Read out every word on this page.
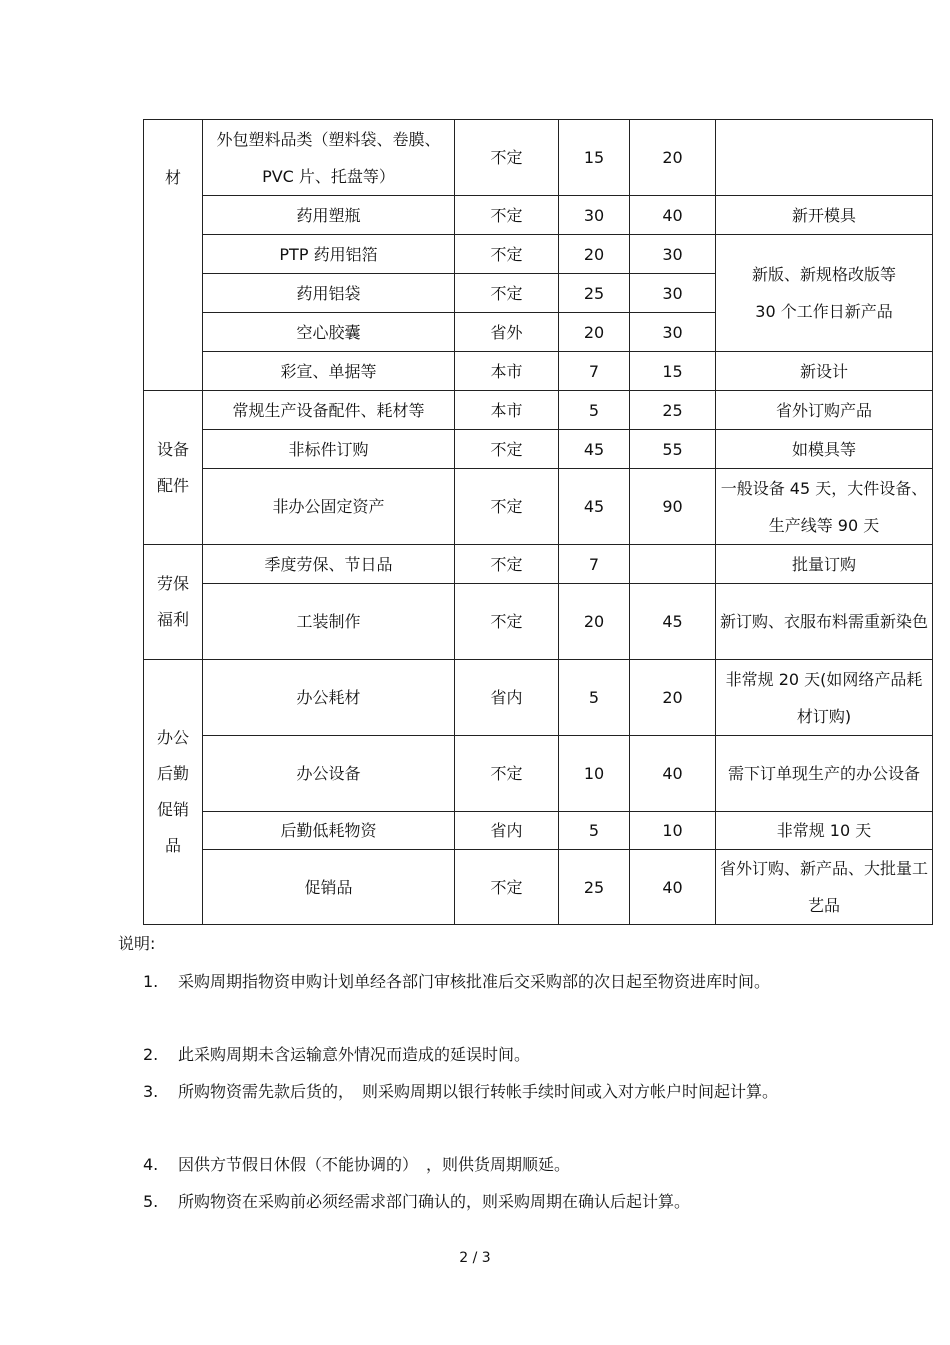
材	外包塑料品类（塑料袋、卷膜、PVC 片、托盘等）	不定	15	20	
	药用塑瓶	不定	30	40	新开模具
	PTP 药用铝箔	不定	20	30	新版、新规格改版等 30 个工作日新产品
	药用铝袋	不定	25	30	
	空心胶囊	省外	20	30	
	彩宣、单据等	本市	7	15	新设计
设备配件	常规生产设备配件、耗材等	本市	5	25	省外订购产品
	非标件订购	不定	45	55	如模具等
	非办公固定资产	不定	45	90	一般设备 45 天，大件设备、生产线等 90 天
劳保福利	季度劳保、节日品	不定	7		批量订购
	工装制作	不定	20	45	新订购、衣服布料需重新染色
办公后勤促销品	办公耗材	省内	5	20	非常规 20 天(如网络产品耗材订购)
	办公设备	不定	10	40	需下订单现生产的办公设备
	后勤低耗物资	省内	5	10	非常规 10 天
	促销品	不定	25	40	省外订购、新产品、大批量工艺品
说明:
1. 采购周期指物资申购计划单经各部门审核批准后交采购部的次日起至物资进库时间。
2. 此采购周期未含运输意外情况而造成的延误时间。
3. 所购物资需先款后货的，　则采购周期以银行转帐手续时间或入对方帐户时间起计算。
4. 因供方节假日休假（不能协调的）　，则供货周期顺延。
5. 所购物资在采购前必须经需求部门确认的，则采购周期在确认后起计算。
2 / 3
